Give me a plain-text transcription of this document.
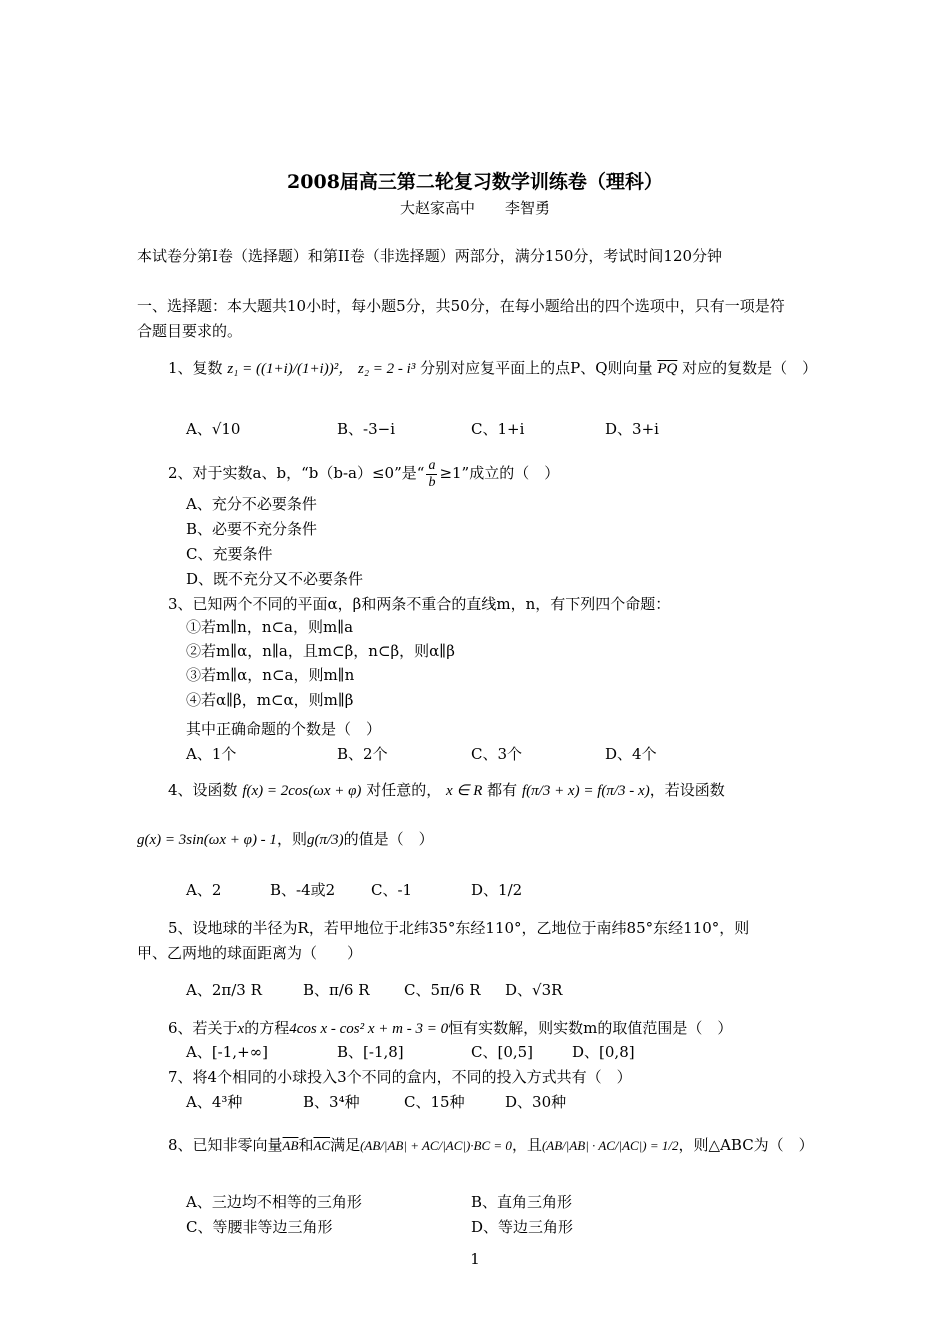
2008届高三第二轮复习数学训练卷（理科）
大赵家高中　　李智勇
本试卷分第I卷（选择题）和第II卷（非选择题）两部分，满分150分，考试时间120分钟
一、选择题：本大题共10小时，每小题5分，共50分，在每小题给出的四个选项中，只有一项是符
合题目要求的。
1、复数 z₁ = ((1+i)/(1+i))²， z₂ = 2 - i³ 分别对应复平面上的点P、Q则向量 $\overline{PQ}$ 对应的复数是（　）
A、√10	B、-3−i	C、1+i	D、3+i
2、对于实数a、b，“b（b-a）≤0”是“ $\frac{a}{b} \ge 1$”成立的（　）
A、充分不必要条件
B、必要不充分条件
C、充要条件
D、既不充分又不必要条件
3、已知两个不同的平面α，β和两条不重合的直线m，n，有下列四个命题：
①若m∥n，n⊂a，则m∥a
②若m∥α，n∥a，且m⊂β，n⊂β，则α∥β
③若m∥α，n⊂a，则m∥n
④若α∥β，m⊂α，则m∥β
其中正确命题的个数是（　）
A、1个	B、2个	C、3个	D、4个
4、设函数 f(x) = 2cos(ωx + φ) 对任意的， x ∈ R 都有 f(π/3 + x) = f(π/3 - x)，若设函数
g(x) = 3sin(ωx + φ) - 1，则g(π/3)的值是（　）
A、2	B、-4或2 C、-1	D、1/2
5、设地球的半径为R，若甲地位于北纬35°东经110°，乙地位于南纬85°东经110°，则
甲、乙两地的球面距离为（　　）
A、2π/3 R	B、π/6 R C、5π/6 R D、√3R
6、若关于x的方程4cos x - cos² x + m - 3 = 0恒有实数解，则实数m的取值范围是（　）
A、[-1,+∞]	B、[-1,8]	C、[0,5]	D、[0,8]
7、将4个相同的小球投入3个不同的盒内，不同的投入方式共有（　）
A、4³种	B、3⁴种	C、15种	D、30种
8、已知非零向量$\overline{AB}$和$\overline{AC}$满足(AB/|AB| + AC/|AC|)·BC = 0，且(AB/|AB| · AC/|AC|) = 1/2，则△ABC为（　）
A、三边均不相等的三角形	B、直角三角形
C、等腰非等边三角形	D、等边三角形
1
